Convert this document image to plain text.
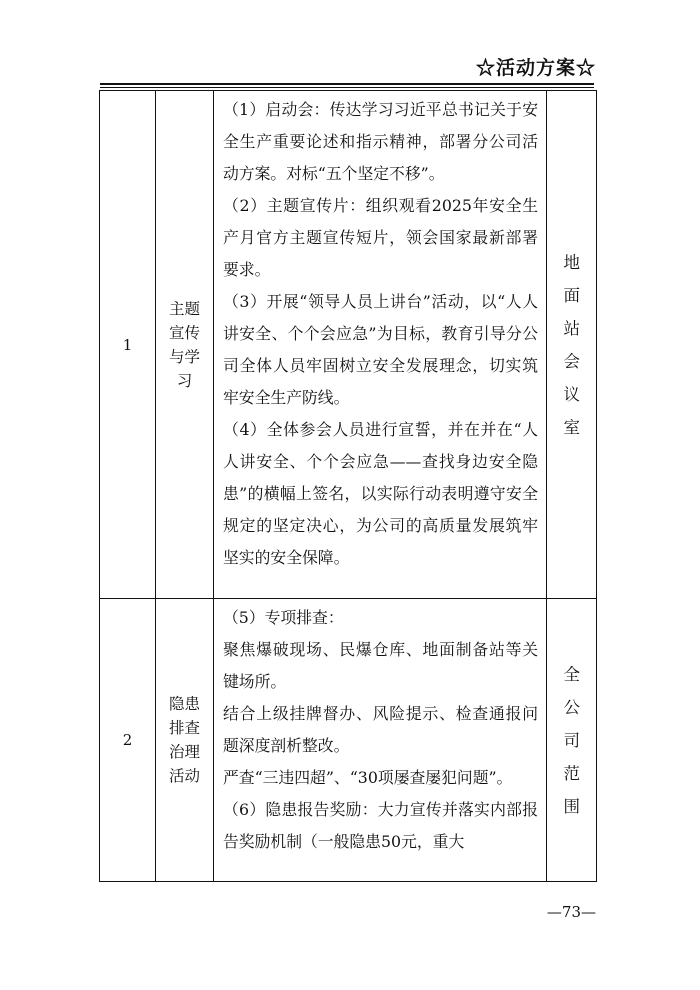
☆活动方案☆
1	主题宣传与学习	（1）启动会：传达学习习近平总书记关于安全生产重要论述和指示精神，部署分公司活动方案。对标“五个坚定不移”。

（2）主题宣传片：组织观看2025年安全生产月官方主题宣传短片，领会国家最新部署要求。

（3）开展“领导人员上讲台”活动，以“人人讲安全、个个会应急”为目标，教育引导分公司全体人员牢固树立安全发展理念，切实筑牢安全生产防线。

（4）全体参会人员进行宣誓，并在并在“人人讲安全、个个会应急——查找身边安全隐患”的横幅上签名，以实际行动表明遵守安全规定的坚定决心，为公司的高质量发展筑牢坚实的安全保障。	地面站会议室

2	隐患排查治理活动	（5）专项排查：

聚焦爆破现场、民爆仓库、地面制备站等关键场所。

结合上级挂牌督办、风险提示、检查通报问题深度剖析整改。

严查“三违四超”、“30项屡查屡犯问题”。

（6）隐患报告奖励：大力宣传并落实内部报告奖励机制（一般隐患50元，重大	全公司范围
—73—
